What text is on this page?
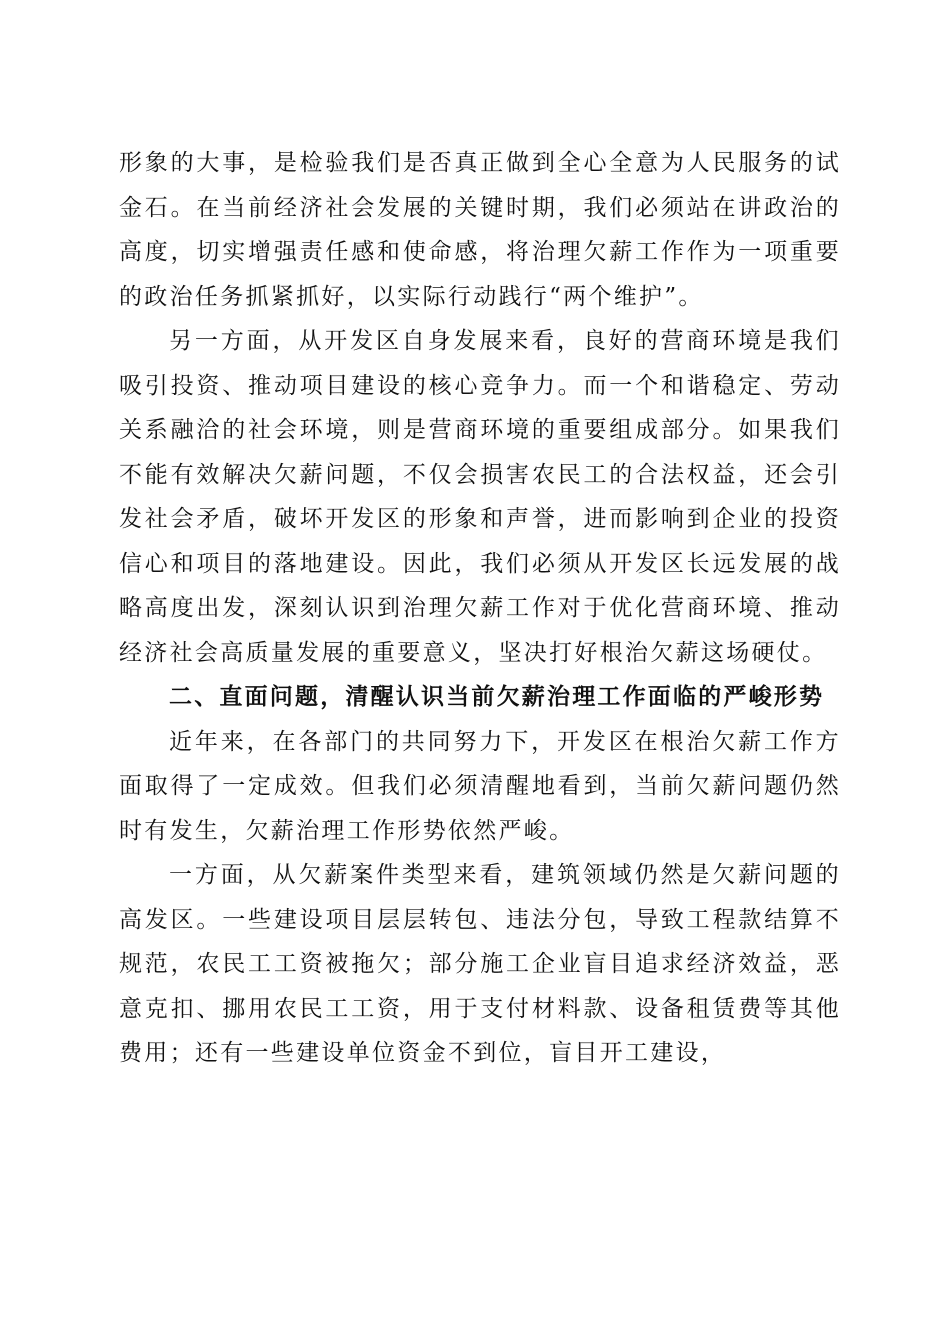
形象的大事，是检验我们是否真正做到全心全意为人民服务的试金石。在当前经济社会发展的关键时期，我们必须站在讲政治的高度，切实增强责任感和使命感，将治理欠薪工作作为一项重要的政治任务抓紧抓好，以实际行动践行“两个维护”。

另一方面，从开发区自身发展来看，良好的营商环境是我们吸引投资、推动项目建设的核心竞争力。而一个和谐稳定、劳动关系融洽的社会环境，则是营商环境的重要组成部分。如果我们不能有效解决欠薪问题，不仅会损害农民工的合法权益，还会引发社会矛盾，破坏开发区的形象和声誉，进而影响到企业的投资信心和项目的落地建设。因此，我们必须从开发区长远发展的战略高度出发，深刻认识到治理欠薪工作对于优化营商环境、推动经济社会高质量发展的重要意义，坚决打好根治欠薪这场硬仗。

二、直面问题，清醒认识当前欠薪治理工作面临的严峻形势

近年来，在各部门的共同努力下，开发区在根治欠薪工作方面取得了一定成效。但我们必须清醒地看到，当前欠薪问题仍然时有发生，欠薪治理工作形势依然严峻。

一方面，从欠薪案件类型来看，建筑领域仍然是欠薪问题的高发区。一些建设项目层层转包、违法分包，导致工程款结算不规范，农民工工资被拖欠；部分施工企业盲目追求经济效益，恶意克扣、挪用农民工工资，用于支付材料款、设备租赁费等其他费用；还有一些建设单位资金不到位，盲目开工建设，
